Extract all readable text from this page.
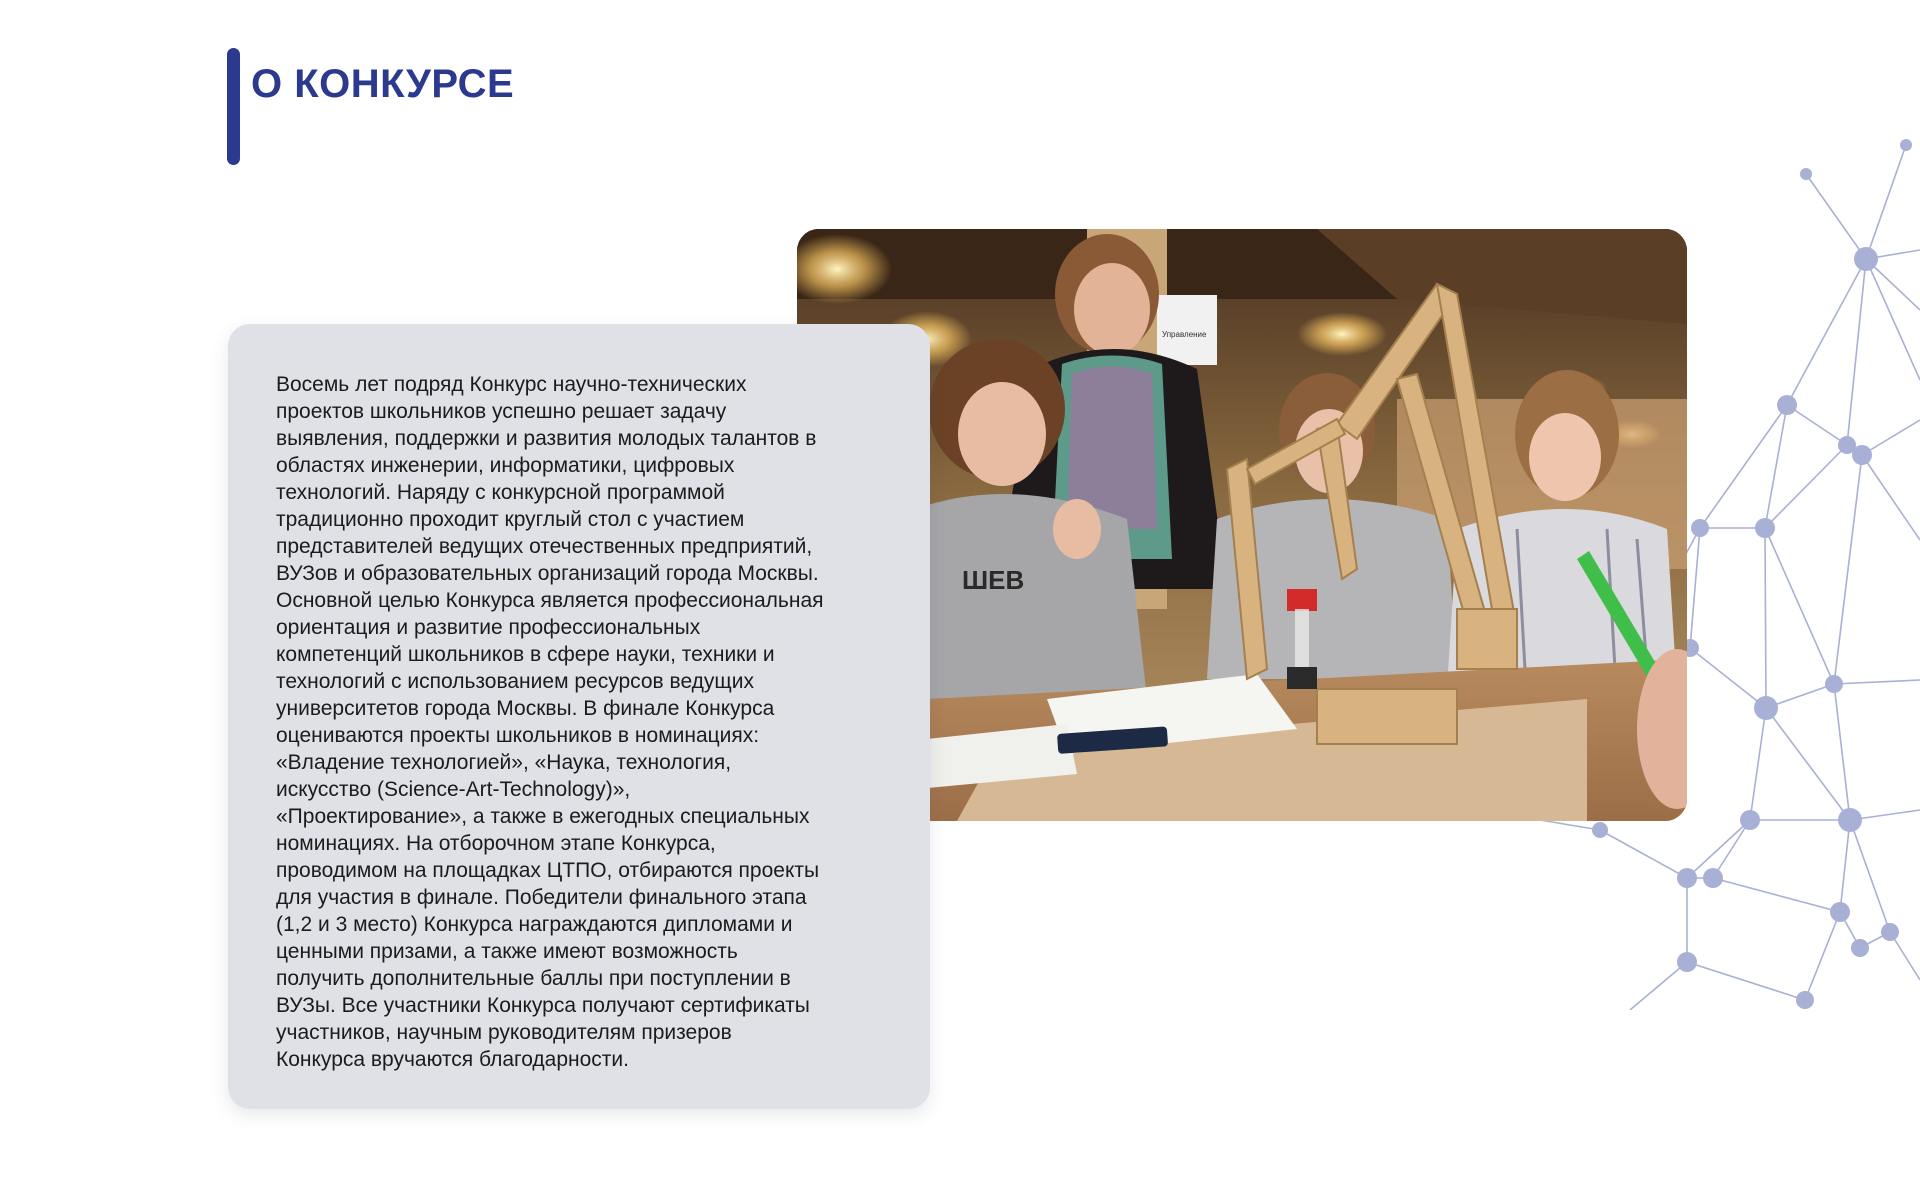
О КОНКУРСЕ
Управление
ШЕВ

Восемь лет подряд Конкурс научно-технических
проектов школьников успешно решает задачу
выявления, поддержки и развития молодых талантов в
областях инженерии, информатики, цифровых
технологий. Наряду с конкурсной программой
традиционно проходит круглый стол с участием
представителей ведущих отечественных предприятий,
ВУЗов и образовательных организаций города Москвы.
Основной целью Конкурса является профессиональная
ориентация и развитие профессиональных
компетенций школьников в сфере науки, техники и
технологий с использованием ресурсов ведущих
университетов города Москвы. В финале Конкурса
оцениваются проекты школьников в номинациях:
«Владение технологией», «Наука, технология,
искусство (Science-Art-Technology)»,
«Проектирование», а также в ежегодных специальных
номинациях. На отборочном этапе Конкурса,
проводимом на площадках ЦТПО, отбираются проекты
для участия в финале. Победители финального этапа
(1,2 и 3 место) Конкурса награждаются дипломами и
ценными призами, а также имеют возможность
получить дополнительные баллы при поступлении в
ВУЗы. Все участники Конкурса получают сертификаты
участников, научным руководителям призеров
Конкурса вручаются благодарности.
